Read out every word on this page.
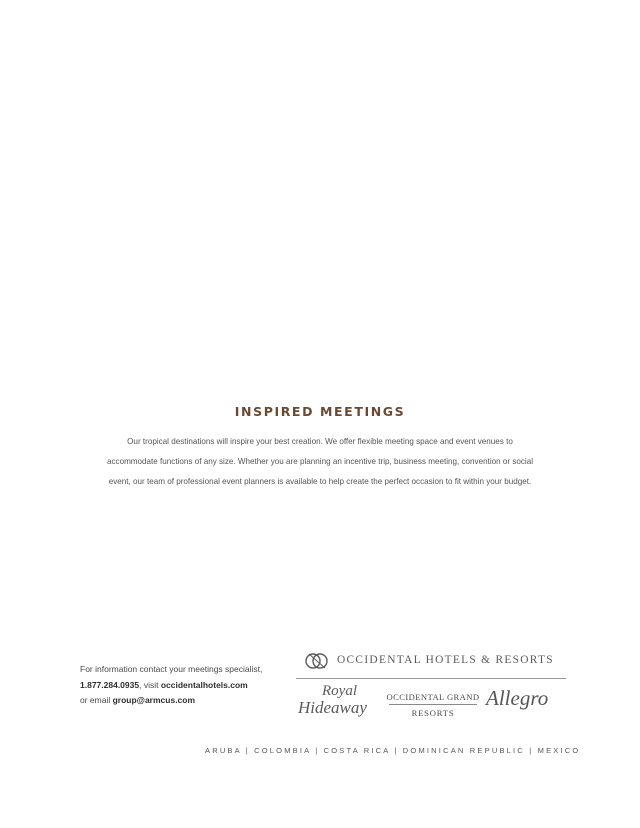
INSPIRED MEETINGS
Our tropical destinations will inspire your best creation. We offer flexible meeting space and event venues to
accommodate functions of any size. Whether you are planning an incentive trip, business meeting, convention or social
event, our team of professional event planners is available to help create the perfect occasion to fit within your budget.
For information contact your meetings specialist,
1.877.284.0935, visit occidentalhotels.com
or email group@armcus.com
OCCIDENTAL HOTELS & RESORTS
Royal
Hideaway
OCCIDENTAL GRAND
RESORTS
Allegro
ARUBA | COLOMBIA | COSTA RICA | DOMINICAN REPUBLIC | MEXICO
